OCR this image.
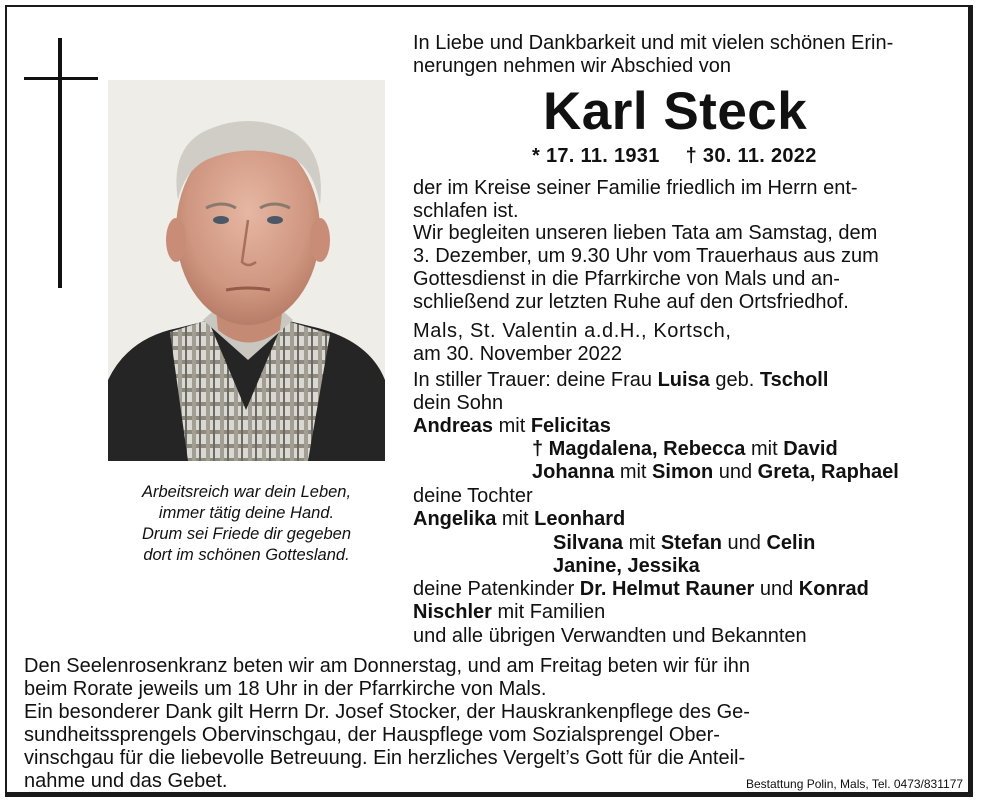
Arbeitsreich war dein Leben,
immer tätig deine Hand.
Drum sei Friede dir gegeben
dort im schönen Gottesland.
In Liebe und Dankbarkeit und mit vielen schönen Erin-
nerungen nehmen wir Abschied von
Karl Steck
* 17. 11. 1931 † 30. 11. 2022
der im Kreise seiner Familie friedlich im Herrn ent-
schlafen ist.
Wir begleiten unseren lieben Tata am Samstag, dem
3. Dezember, um 9.30 Uhr vom Trauerhaus aus zum
Gottesdienst in die Pfarrkirche von Mals und an-
schließend zur letzten Ruhe auf den Ortsfriedhof.
Mals, St. Valentin a.d.H., Kortsch,
am 30. November 2022
In stiller Trauer: deine Frau Luisa geb. Tscholl
dein Sohn
Andreas mit Felicitas
† Magdalena, Rebecca mit David
Johanna mit Simon und Greta, Raphael
deine Tochter
Angelika mit Leonhard
Silvana mit Stefan und Celin
Janine, Jessika
deine Patenkinder Dr. Helmut Rauner und Konrad
Nischler mit Familien
und alle übrigen Verwandten und Bekannten
Den Seelenrosenkranz beten wir am Donnerstag, und am Freitag beten wir für ihn
beim Rorate jeweils um 18 Uhr in der Pfarrkirche von Mals.
Ein besonderer Dank gilt Herrn Dr. Josef Stocker, der Hauskrankenpflege des Ge-
sundheitssprengels Obervinschgau, der Hauspflege vom Sozialsprengel Ober-
vinschgau für die liebevolle Betreuung. Ein herzliches Vergelt’s Gott für die Anteil-
nahme und das Gebet.	Bestattung Polin, Mals, Tel. 0473/831177
